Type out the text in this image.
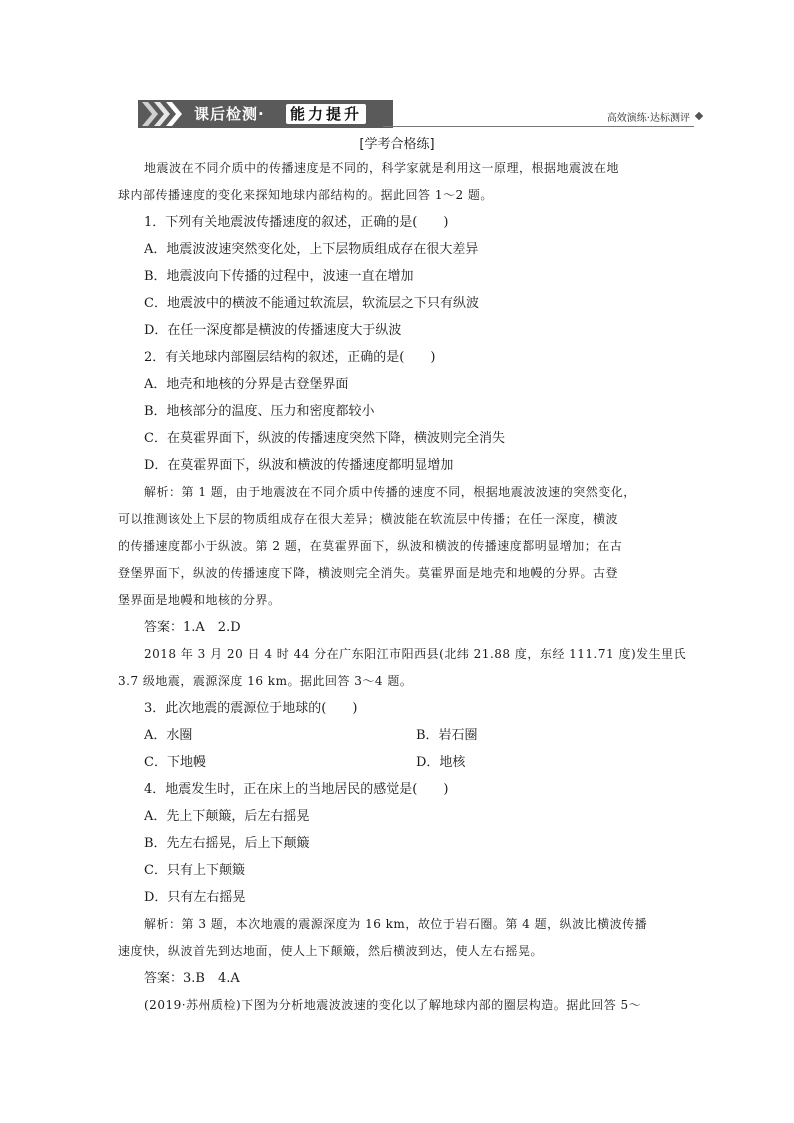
课后检测· 能力提升	高效演练·达标测评
[学考合格练]

地震波在不同介质中的传播速度是不同的，科学家就是利用这一原理，根据地震波在地

球内部传播速度的变化来探知地球内部结构的。据此回答 1～2 题。

1．下列有关地震波传播速度的叙述，正确的是(　　)

A．地震波波速突然变化处，上下层物质组成存在很大差异

B．地震波向下传播的过程中，波速一直在增加

C．地震波中的横波不能通过软流层，软流层之下只有纵波

D．在任一深度都是横波的传播速度大于纵波

2．有关地球内部圈层结构的叙述，正确的是(　　)

A．地壳和地核的分界是古登堡界面

B．地核部分的温度、压力和密度都较小

C．在莫霍界面下，纵波的传播速度突然下降，横波则完全消失

D．在莫霍界面下，纵波和横波的传播速度都明显增加

解析：第 1 题，由于地震波在不同介质中传播的速度不同，根据地震波波速的突然变化，

可以推测该处上下层的物质组成存在很大差异；横波能在软流层中传播；在任一深度，横波

的传播速度都小于纵波。第 2 题，在莫霍界面下，纵波和横波的传播速度都明显增加；在古

登堡界面下，纵波的传播速度下降，横波则完全消失。莫霍界面是地壳和地幔的分界。古登

堡界面是地幔和地核的分界。

答案：1.A　2.D

2018 年 3 月 20 日 4 时 44 分在广东阳江市阳西县(北纬 21.88 度，东经 111.71 度)发生里氏

3.7 级地震，震源深度 16 km。据此回答 3～4 题。

3．此次地震的震源位于地球的(　　)

A．水圈	B．岩石圈

C．下地幔	D．地核

4．地震发生时，正在床上的当地居民的感觉是(　　)

A．先上下颠簸，后左右摇晃

B．先左右摇晃，后上下颠簸

C．只有上下颠簸

D．只有左右摇晃

解析：第 3 题，本次地震的震源深度为 16 km，故位于岩石圈。第 4 题，纵波比横波传播

速度快，纵波首先到达地面，使人上下颠簸，然后横波到达，使人左右摇晃。

答案：3.B　4.A

(2019·苏州质检)下图为分析地震波波速的变化以了解地球内部的圈层构造。据此回答 5～
